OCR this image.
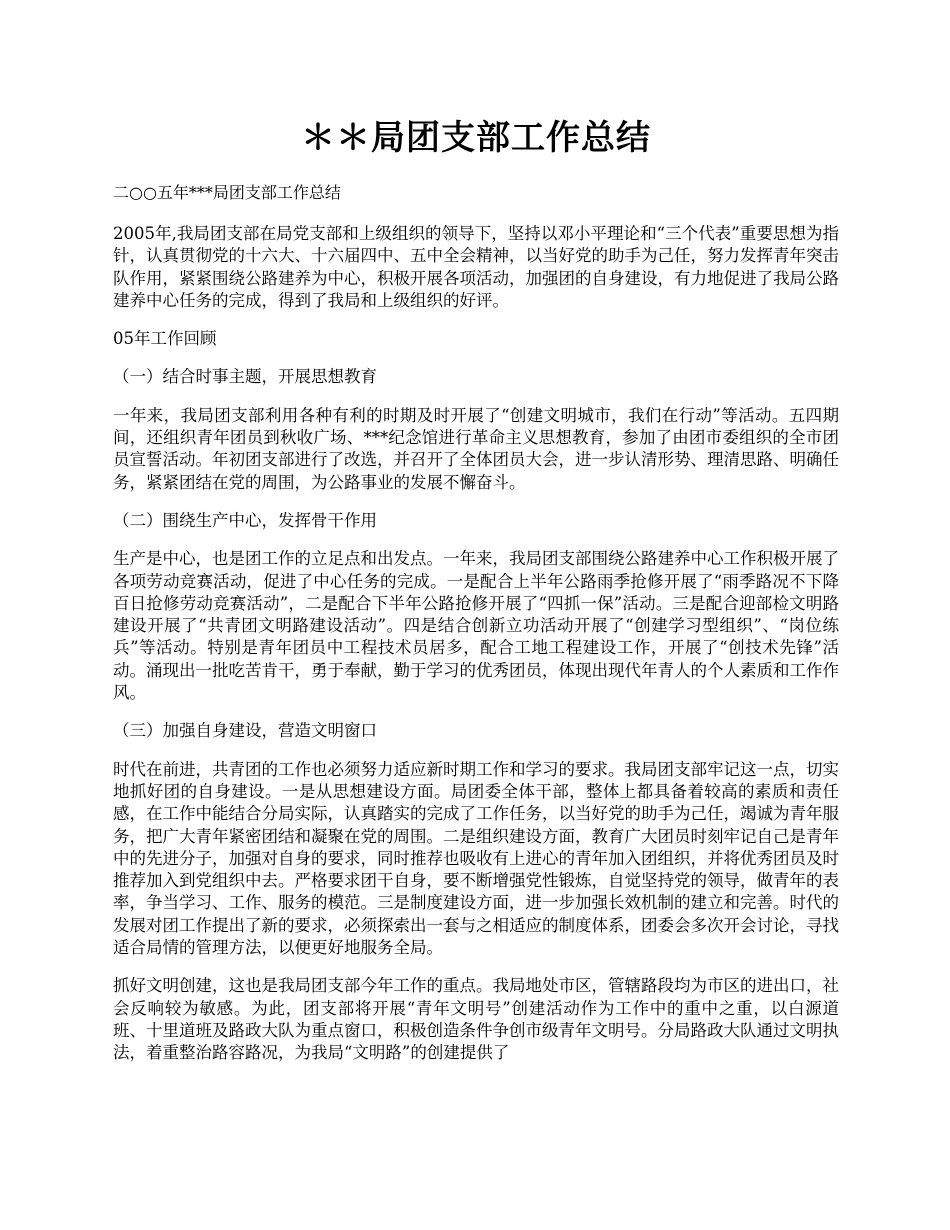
＊＊局团支部工作总结
二○○五年***局团支部工作总结

2005年,我局团支部在局党支部和上级组织的领导下，坚持以邓小平理论和“三个代表”重要思想为指针，认真贯彻党的十六大、十六届四中、五中全会精神，以当好党的助手为己任，努力发挥青年突击队作用，紧紧围绕公路建养为中心，积极开展各项活动，加强团的自身建设，有力地促进了我局公路建养中心任务的完成，得到了我局和上级组织的好评。

05年工作回顾

（一）结合时事主题，开展思想教育

一年来，我局团支部利用各种有利的时期及时开展了“创建文明城市，我们在行动”等活动。五四期间，还组织青年团员到秋收广场、***纪念馆进行革命主义思想教育，参加了由团市委组织的全市团员宣誓活动。年初团支部进行了改选，并召开了全体团员大会，进一步认清形势、理清思路、明确任务，紧紧团结在党的周围，为公路事业的发展不懈奋斗。

（二）围绕生产中心，发挥骨干作用

生产是中心，也是团工作的立足点和出发点。一年来，我局团支部围绕公路建养中心工作积极开展了各项劳动竞赛活动，促进了中心任务的完成。一是配合上半年公路雨季抢修开展了“雨季路况不下降百日抢修劳动竞赛活动”，二是配合下半年公路抢修开展了“四抓一保”活动。三是配合迎部检文明路建设开展了“共青团文明路建设活动”。四是结合创新立功活动开展了“创建学习型组织”、“岗位练兵”等活动。特别是青年团员中工程技术员居多，配合工地工程建设工作，开展了“创技术先锋”活动。涌现出一批吃苦肯干，勇于奉献，勤于学习的优秀团员，体现出现代年青人的个人素质和工作作风。

（三）加强自身建设，营造文明窗口

时代在前进，共青团的工作也必须努力适应新时期工作和学习的要求。我局团支部牢记这一点，切实地抓好团的自身建设。一是从思想建设方面。局团委全体干部，整体上都具备着较高的素质和责任感，在工作中能结合分局实际，认真踏实的完成了工作任务，以当好党的助手为己任，竭诚为青年服务，把广大青年紧密团结和凝聚在党的周围。二是组织建设方面，教育广大团员时刻牢记自己是青年中的先进分子，加强对自身的要求，同时推荐也吸收有上进心的青年加入团组织，并将优秀团员及时推荐加入到党组织中去。严格要求团干自身，要不断增强党性锻炼，自觉坚持党的领导，做青年的表率，争当学习、工作、服务的模范。三是制度建设方面，进一步加强长效机制的建立和完善。时代的发展对团工作提出了新的要求，必须探索出一套与之相适应的制度体系，团委会多次开会讨论，寻找适合局情的管理方法，以便更好地服务全局。

抓好文明创建，这也是我局团支部今年工作的重点。我局地处市区，管辖路段均为市区的进出口，社会反响较为敏感。为此，团支部将开展“青年文明号”创建活动作为工作中的重中之重，以白源道班、十里道班及路政大队为重点窗口，积极创造条件争创市级青年文明号。分局路政大队通过文明执法，着重整治路容路况，为我局“文明路”的创建提供了
